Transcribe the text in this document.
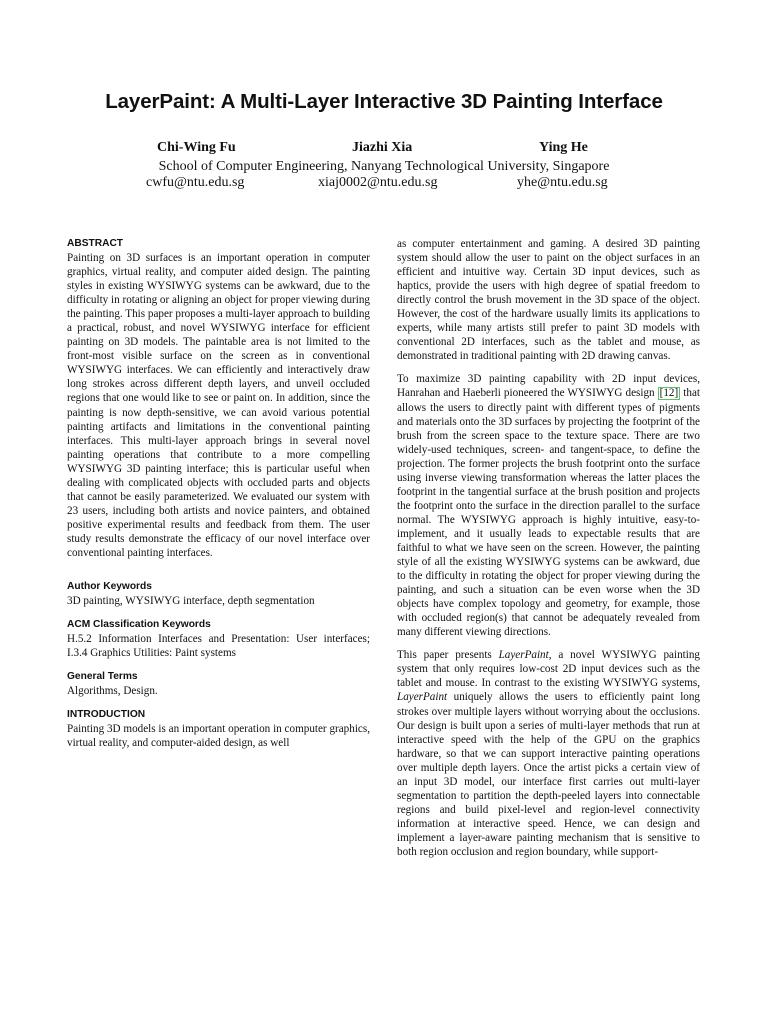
LayerPaint: A Multi-Layer Interactive 3D Painting Interface
Chi-Wing Fu	Jiazhi Xia	Ying He
School of Computer Engineering, Nanyang Technological University, Singapore
cwfu@ntu.edu.sg	xiaj0002@ntu.edu.sg	yhe@ntu.edu.sg
ABSTRACT

Painting on 3D surfaces is an important operation in computer graphics, virtual reality, and computer aided design. The painting styles in existing WYSIWYG systems can be awkward, due to the difficulty in rotating or aligning an object for proper viewing during the painting. This paper proposes a multi-layer approach to building a practical, robust, and novel WYSIWYG interface for efficient painting on 3D models. The paintable area is not limited to the front-most visible surface on the screen as in conventional WYSIWYG interfaces. We can efficiently and interactively draw long strokes across different depth layers, and unveil occluded regions that one would like to see or paint on. In addition, since the painting is now depth-sensitive, we can avoid various potential painting artifacts and limitations in the conventional painting interfaces. This multi-layer approach brings in several novel painting operations that contribute to a more compelling WYSIWYG 3D painting interface; this is particular useful when dealing with complicated objects with occluded parts and objects that cannot be easily parameterized. We evaluated our system with 23 users, including both artists and novice painters, and obtained positive experimental results and feedback from them. The user study results demonstrate the efficacy of our novel interface over conventional painting interfaces.

Author Keywords

3D painting, WYSIWYG interface, depth segmentation

ACM Classification Keywords

H.5.2 Information Interfaces and Presentation: User interfaces; I.3.4 Graphics Utilities: Paint systems

General Terms

Algorithms, Design.

INTRODUCTION

Painting 3D models is an important operation in computer graphics, virtual reality, and computer-aided design, as well

as computer entertainment and gaming. A desired 3D painting system should allow the user to paint on the object surfaces in an efficient and intuitive way. Certain 3D input devices, such as haptics, provide the users with high degree of spatial freedom to directly control the brush movement in the 3D space of the object. However, the cost of the hardware usually limits its applications to experts, while many artists still prefer to paint 3D models with conventional 2D interfaces, such as the tablet and mouse, as demonstrated in traditional painting with 2D drawing canvas.

To maximize 3D painting capability with 2D input devices, Hanrahan and Haeberli pioneered the WYSIWYG design [12] that allows the users to directly paint with different types of pigments and materials onto the 3D surfaces by projecting the footprint of the brush from the screen space to the texture space. There are two widely-used techniques, screen- and tangent-space, to define the projection. The former projects the brush footprint onto the surface using inverse viewing transformation whereas the latter places the footprint in the tangential surface at the brush position and projects the footprint onto the surface in the direction parallel to the surface normal. The WYSIWYG approach is highly intuitive, easy-to-implement, and it usually leads to expectable results that are faithful to what we have seen on the screen. However, the painting style of all the existing WYSIWYG systems can be awkward, due to the difficulty in rotating the object for proper viewing during the painting, and such a situation can be even worse when the 3D objects have complex topology and geometry, for example, those with occluded region(s) that cannot be adequately revealed from many different viewing directions.

This paper presents LayerPaint, a novel WYSIWYG painting system that only requires low-cost 2D input devices such as the tablet and mouse. In contrast to the existing WYSIWYG systems, LayerPaint uniquely allows the users to efficiently paint long strokes over multiple layers without worrying about the occlusions. Our design is built upon a series of multi-layer methods that run at interactive speed with the help of the GPU on the graphics hardware, so that we can support interactive painting operations over multiple depth layers. Once the artist picks a certain view of an input 3D model, our interface first carries out multi-layer segmentation to partition the depth-peeled layers into connectable regions and build pixel-level and region-level connectivity information at interactive speed. Hence, we can design and implement a layer-aware painting mechanism that is sensitive to both region occlusion and region boundary, while support-
